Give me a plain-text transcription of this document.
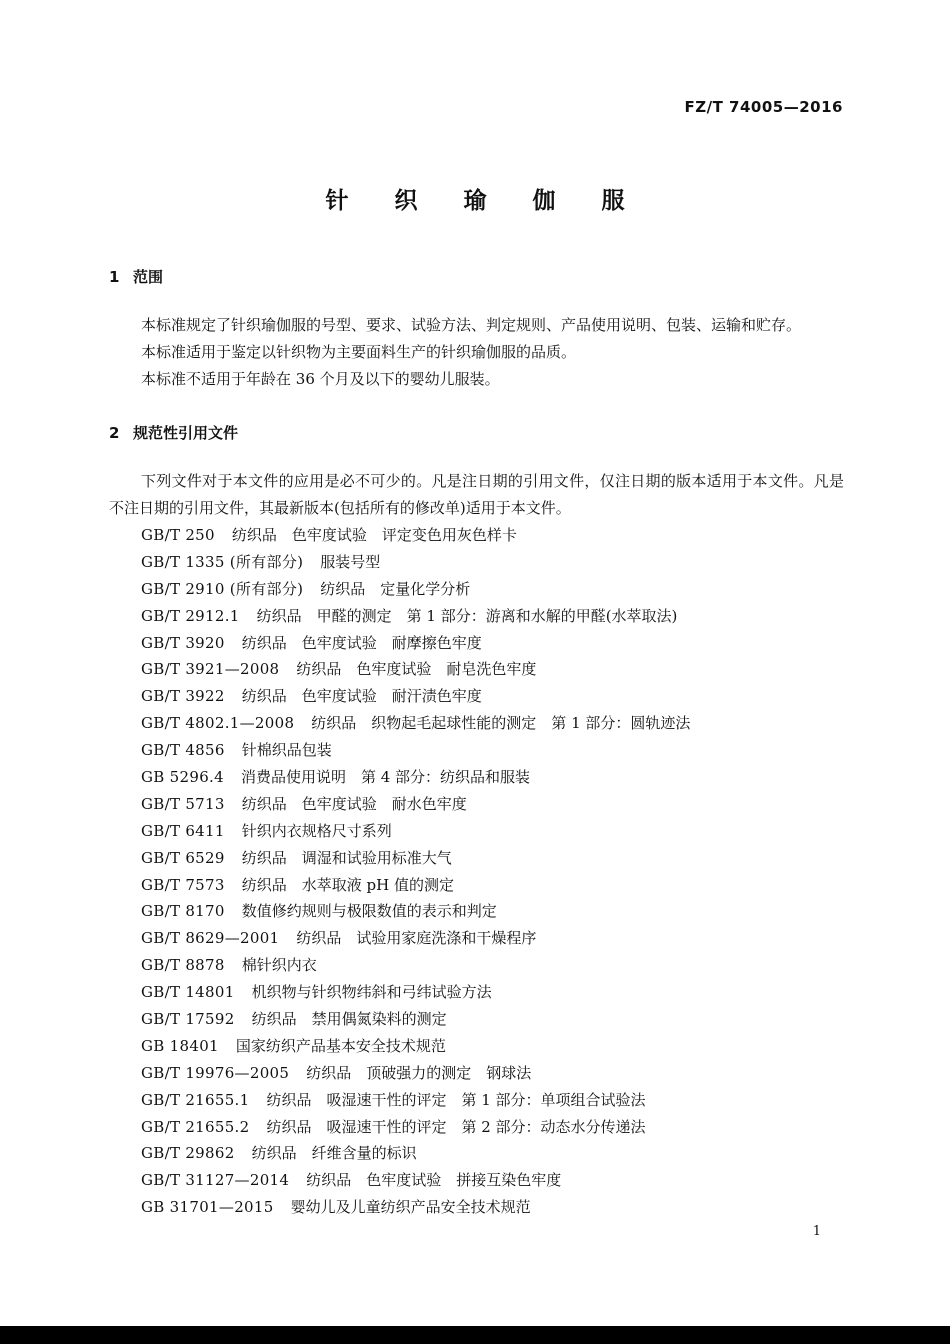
FZ/T 74005—2016
针 织 瑜 伽 服
1 范围
本标准规定了针织瑜伽服的号型、要求、试验方法、判定规则、产品使用说明、包装、运输和贮存。
本标准适用于鉴定以针织物为主要面料生产的针织瑜伽服的品质。
本标准不适用于年龄在 36 个月及以下的婴幼儿服装。
2 规范性引用文件
下列文件对于本文件的应用是必不可少的。凡是注日期的引用文件，仅注日期的版本适用于本文件。凡是不注日期的引用文件，其最新版本(包括所有的修改单)适用于本文件。
GB/T 250 纺织品　色牢度试验　评定变色用灰色样卡
GB/T 1335 (所有部分) 服装号型
GB/T 2910 (所有部分) 纺织品　定量化学分析
GB/T 2912.1 纺织品　甲醛的测定　第 1 部分：游离和水解的甲醛(水萃取法)
GB/T 3920 纺织品　色牢度试验　耐摩擦色牢度
GB/T 3921—2008 纺织品　色牢度试验　耐皂洗色牢度
GB/T 3922 纺织品　色牢度试验　耐汗渍色牢度
GB/T 4802.1—2008 纺织品　织物起毛起球性能的测定　第 1 部分：圆轨迹法
GB/T 4856 针棉织品包装
GB 5296.4 消费品使用说明　第 4 部分：纺织品和服装
GB/T 5713 纺织品　色牢度试验　耐水色牢度
GB/T 6411 针织内衣规格尺寸系列
GB/T 6529 纺织品　调湿和试验用标准大气
GB/T 7573 纺织品　水萃取液 pH 值的测定
GB/T 8170 数值修约规则与极限数值的表示和判定
GB/T 8629—2001 纺织品　试验用家庭洗涤和干燥程序
GB/T 8878 棉针织内衣
GB/T 14801 机织物与针织物纬斜和弓纬试验方法
GB/T 17592 纺织品　禁用偶氮染料的测定
GB 18401 国家纺织产品基本安全技术规范
GB/T 19976—2005 纺织品　顶破强力的测定　钢球法
GB/T 21655.1 纺织品　吸湿速干性的评定　第 1 部分：单项组合试验法
GB/T 21655.2 纺织品　吸湿速干性的评定　第 2 部分：动态水分传递法
GB/T 29862 纺织品　纤维含量的标识
GB/T 31127—2014 纺织品　色牢度试验　拼接互染色牢度
GB 31701—2015 婴幼儿及儿童纺织产品安全技术规范
1
